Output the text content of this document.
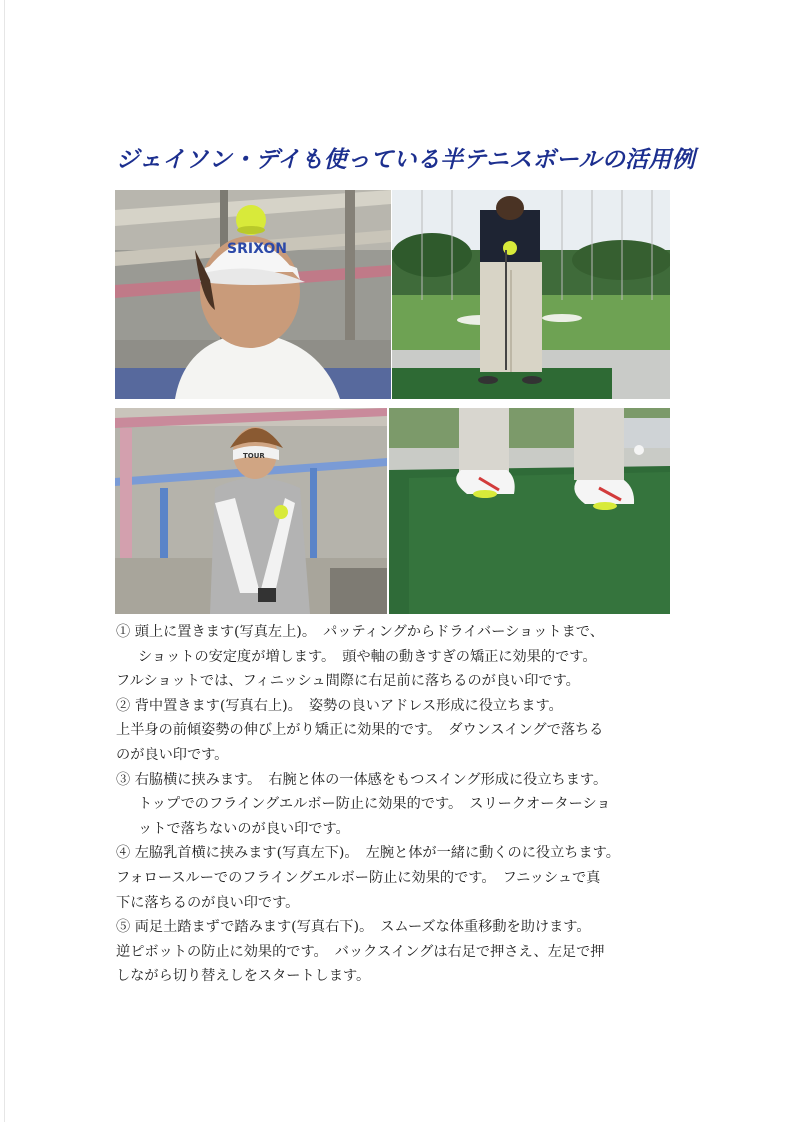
ジェイソン・デイも使っている半テニスボールの活用例
SRIXON
TOUR
① 頭上に置きます(写真左上)。　パッティングからドライバーショットまで、
ショットの安定度が増します。　頭や軸の動きすぎの矯正に効果的です。
フルショットでは、フィニッシュ間際に右足前に落ちるのが良い印です。
② 背中置きます(写真右上)。　姿勢の良いアドレス形成に役立ちます。
上半身の前傾姿勢の伸び上がり矯正に効果的です。　ダウンスイングで落ちる
のが良い印です。
③ 右脇横に挟みます。　右腕と体の一体感をもつスイング形成に役立ちます。
トップでのフライングエルボー防止に効果的です。　スリークオーターショ
ットで落ちないのが良い印です。
④ 左脇乳首横に挟みます(写真左下)。　左腕と体が一緒に動くのに役立ちます。
フォロースルーでのフライングエルボー防止に効果的です。　フニッシュで真
下に落ちるのが良い印です。
⑤ 両足土踏まずで踏みます(写真右下)。　スムーズな体重移動を助けます。
逆ピボットの防止に効果的です。　バックスイングは右足で押さえ、左足で押
しながら切り替えしをスタートします。
